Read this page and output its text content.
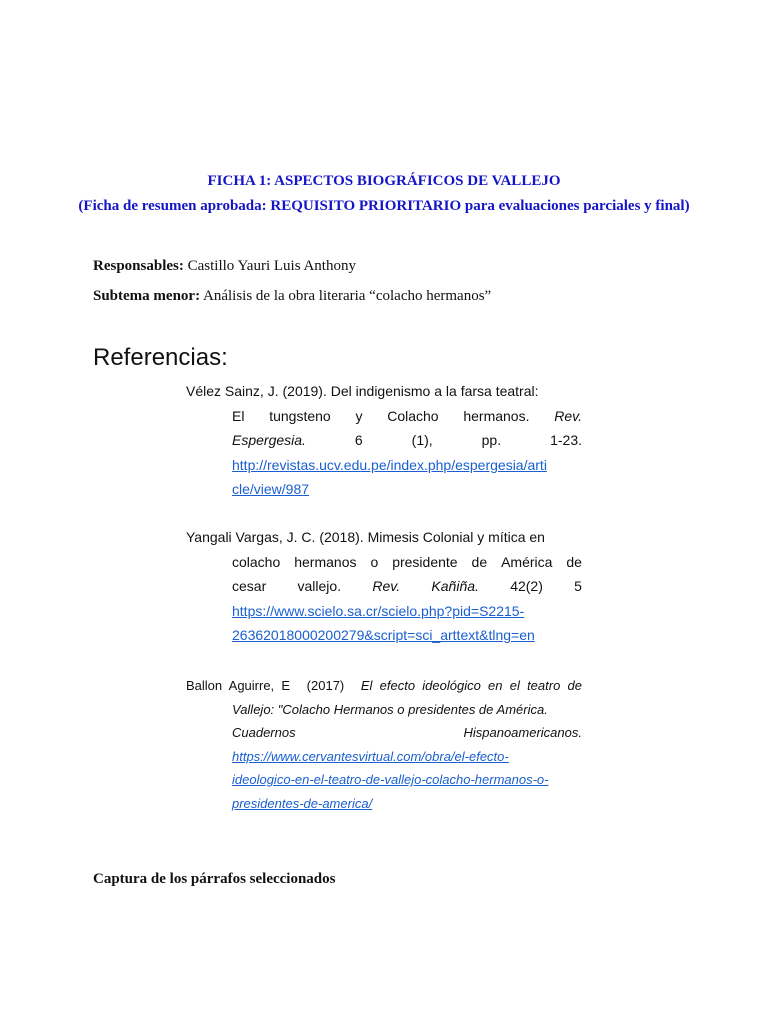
FICHA 1: ASPECTOS BIOGRÁFICOS DE VALLEJO
(Ficha de resumen aprobada: REQUISITO PRIORITARIO para evaluaciones parciales y final)
Responsables: Castillo Yauri Luis Anthony
Subtema menor: Análisis de la obra literaria “colacho hermanos”
Referencias:
Vélez Sainz, J. (2019). Del indigenismo a la farsa teatral:
El tungsteno y Colacho hermanos. Rev.
Espergesia.	6	(1),	pp.	1-23.
http://revistas.ucv.edu.pe/index.php/espergesia/arti
cle/view/987
Yangali Vargas, J. C. (2018). Mimesis Colonial y mítica en
colacho hermanos o presidente de América de
cesar vallejo. Rev. Kañiña. 42(2) 5
https://www.scielo.sa.cr/scielo.php?pid=S2215-
26362018000200279&script=sci_arttext&tlng=en
Ballon  Aguirre,  E (2017) El  efecto  ideológico  en  el  teatro  de
Vallejo: "Colacho Hermanos o presidentes de América.
Cuadernos	Hispanoamericanos.
https://www.cervantesvirtual.com/obra/el-efecto-
ideologico-en-el-teatro-de-vallejo-colacho-hermanos-o-
presidentes-de-america/
Captura de los párrafos seleccionados
